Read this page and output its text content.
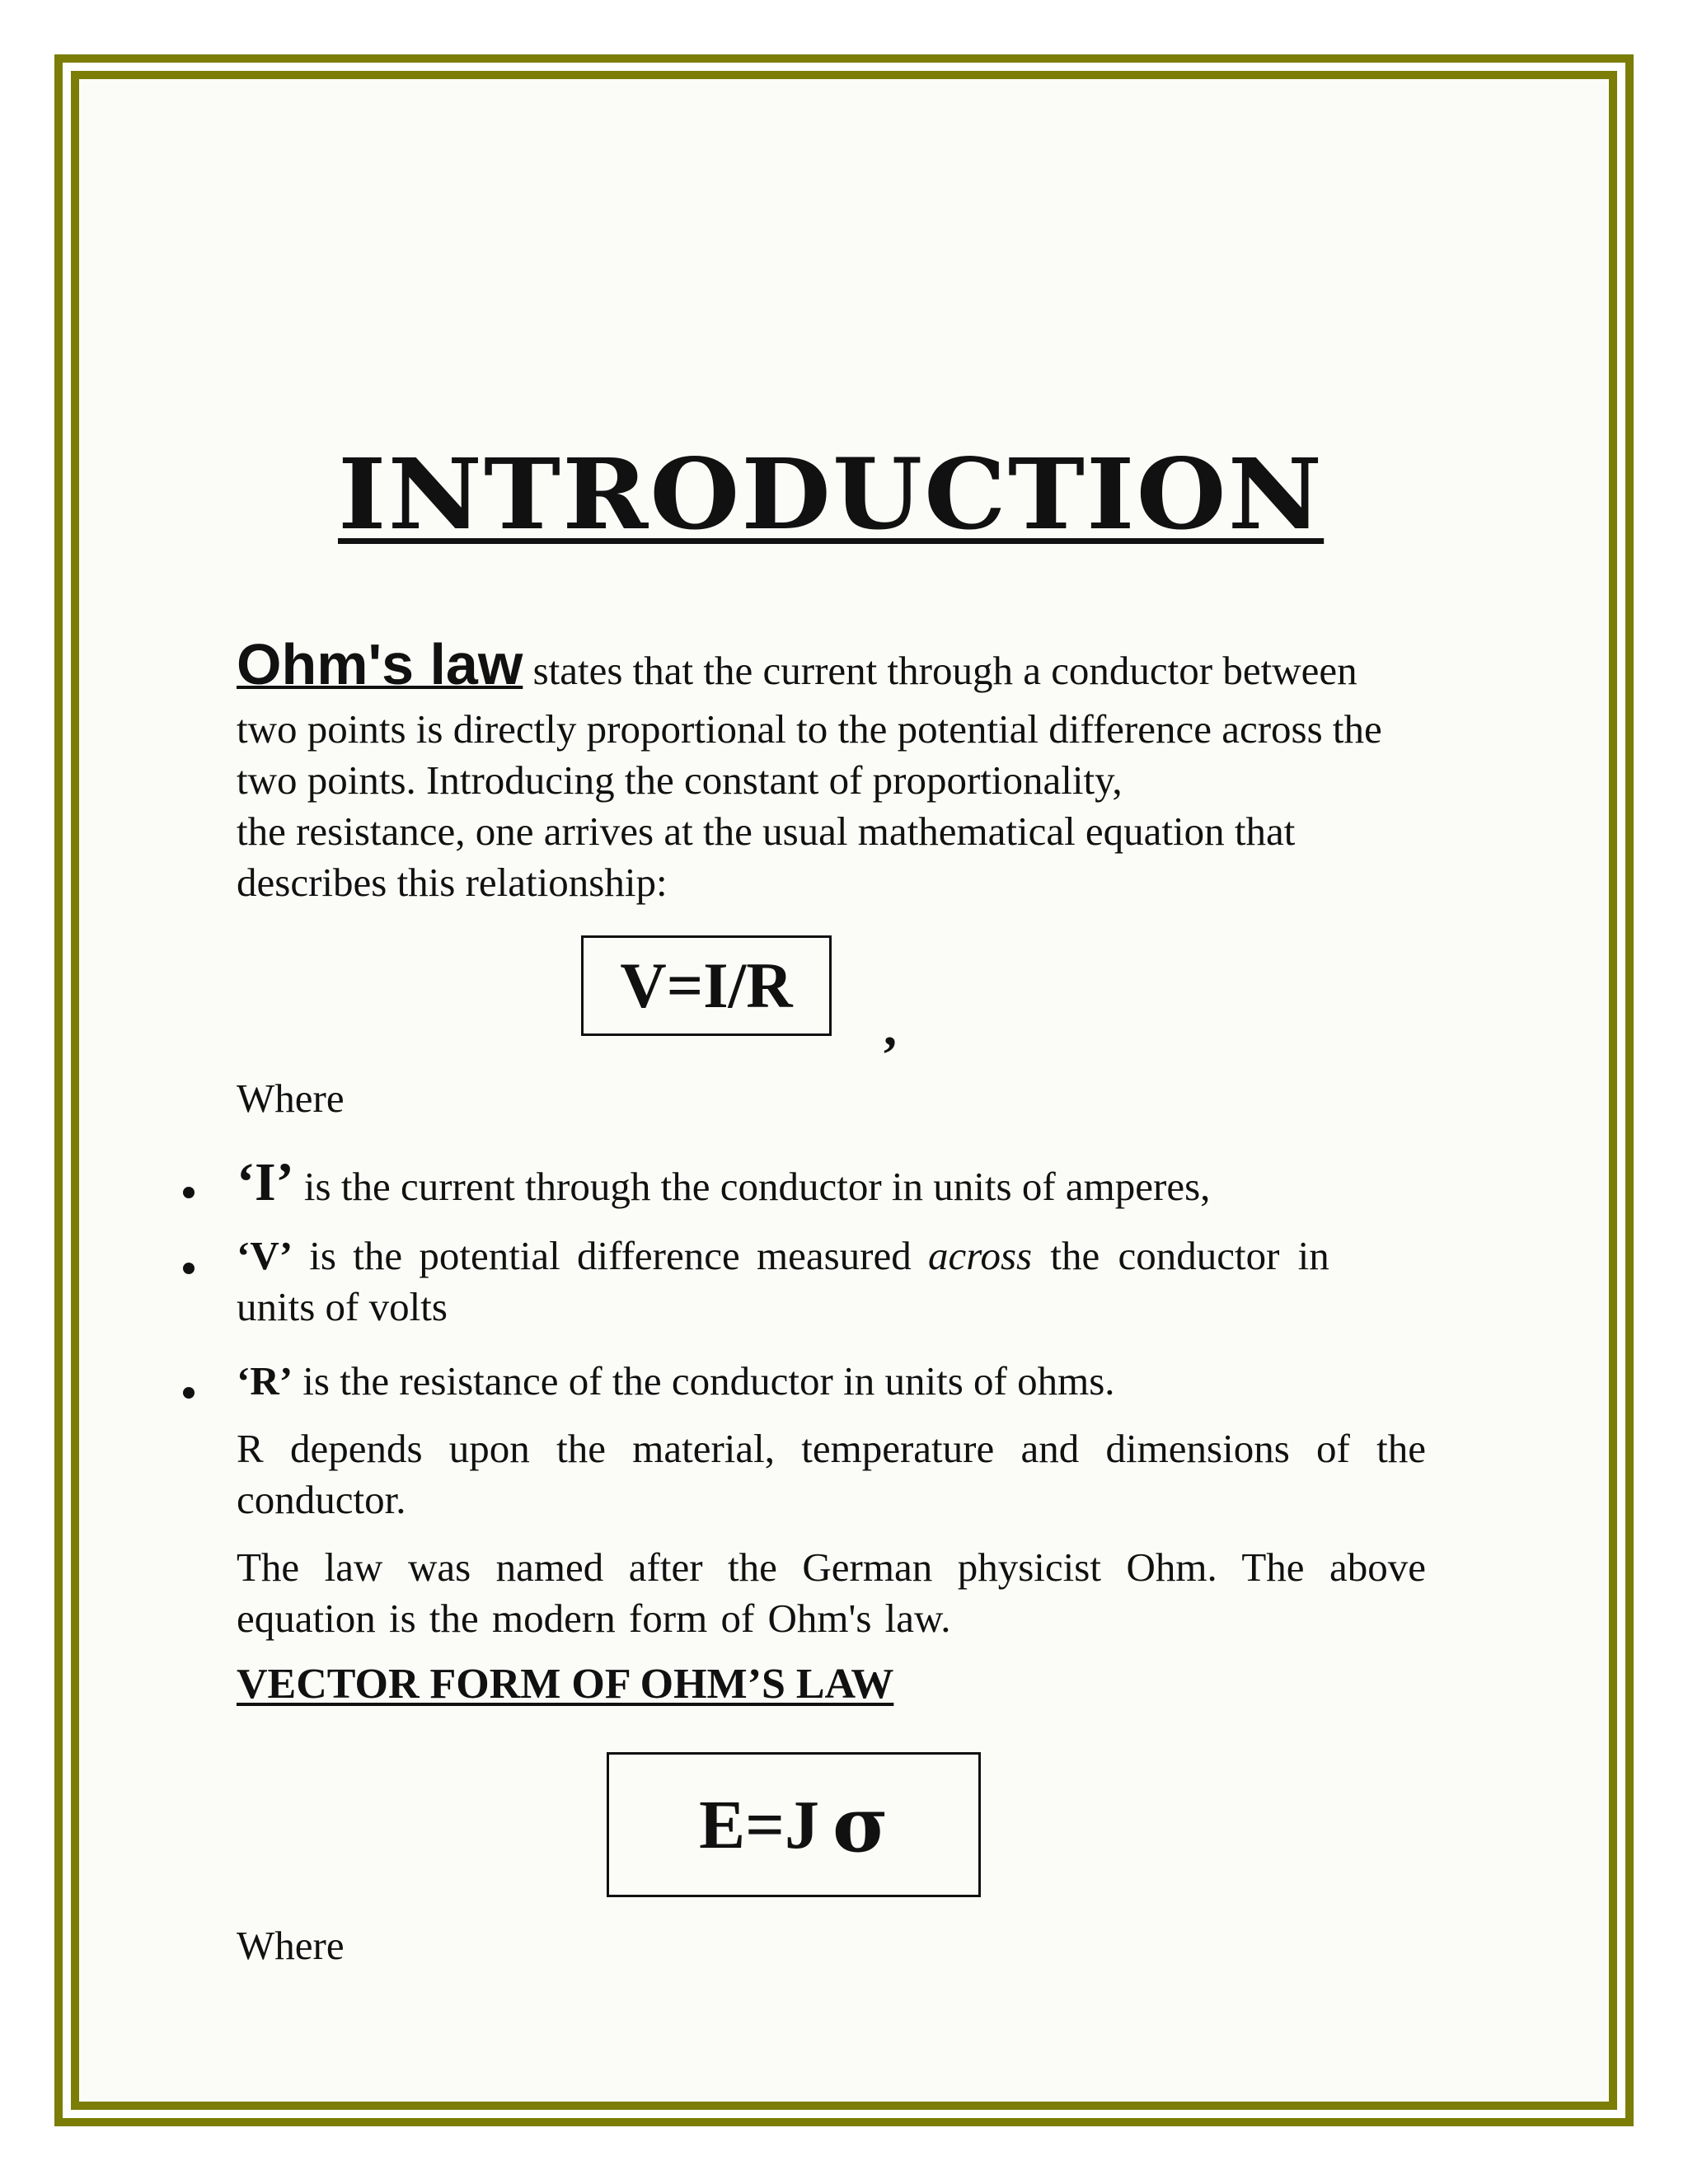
INTRODUCTION
Ohm's law states that the current through a conductor between
two points is directly proportional to the potential difference across the
two points. Introducing the constant of proportionality,
the resistance, one arrives at the usual mathematical equation that
describes this relationship:
V=I/R
,
Where
‘I’ is the current through the conductor in units of amperes,
‘V’ is the potential difference measured across the conductor in
units of volts
‘R’ is the resistance of the conductor in units of ohms.
R depends upon the material, temperature and dimensions of the conductor.
The law was named after the German physicist Ohm. The above equation is the modern form of Ohm's law.
VECTOR FORM OF OHM’S LAW
E=J σ
Where
